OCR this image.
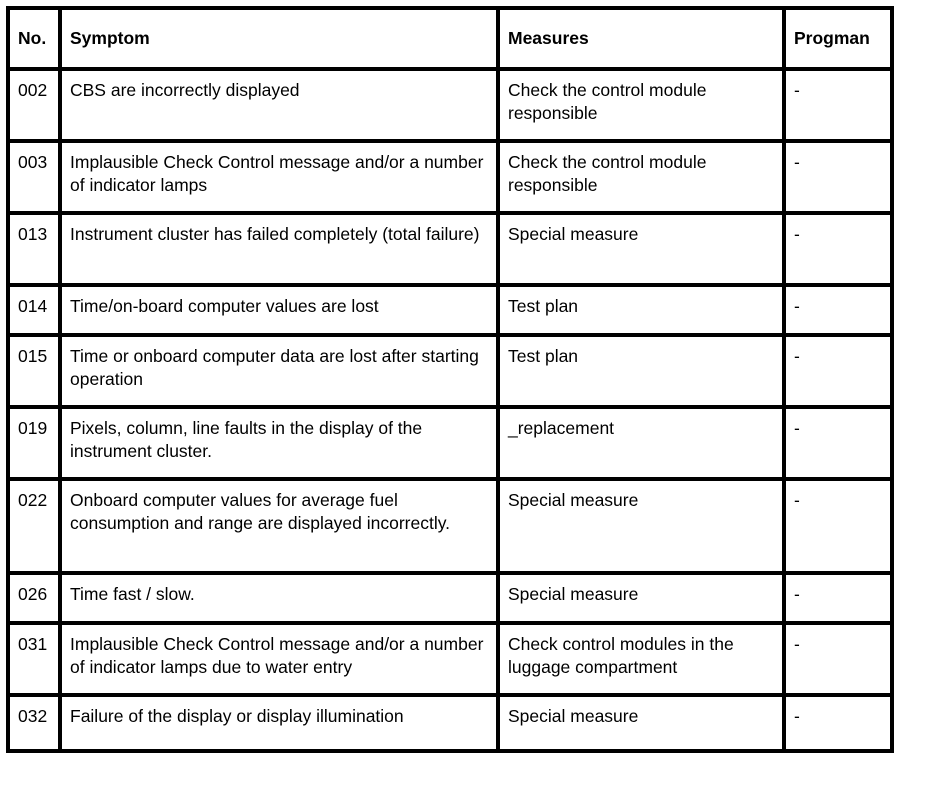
No.	Symptom	Measures	Progman
002	CBS are incorrectly displayed	Check the control module responsible	-
003	Implausible Check Control message and/or a number of indicator lamps	Check the control module responsible	-
013	Instrument cluster has failed completely (total failure)	Special measure	-
014	Time/on-board computer values are lost	Test plan	-
015	Time or onboard computer data are lost after starting operation	Test plan	-
019	Pixels, column, line faults in the display of the instrument cluster.	_replacement	-
022	Onboard computer values for average fuel consumption and range are displayed incorrectly.	Special measure	-
026	Time fast / slow.	Special measure	-
031	Implausible Check Control message and/or a number of indicator lamps due to water entry	Check control modules in the luggage compartment	-
032	Failure of the display or display illumination	Special measure	-
